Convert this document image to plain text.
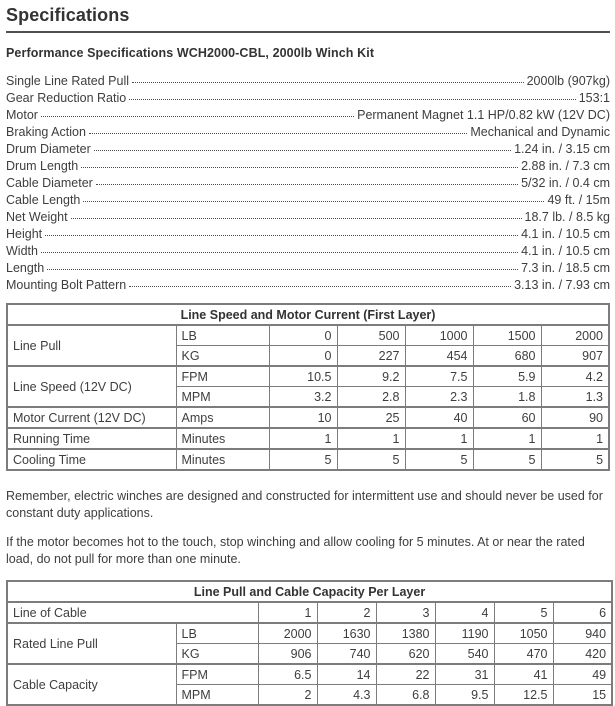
Specifications
Performance Specifications WCH2000-CBL, 2000lb Winch Kit
Single Line Rated Pull	2000lb (907kg)
Gear Reduction Ratio	153:1
Motor	Permanent Magnet 1.1 HP/0.82 kW (12V DC)
Braking Action	Mechanical and Dynamic
Drum Diameter	1.24 in. / 3.15 cm
Drum Length	2.88 in. / 7.3 cm
Cable Diameter	5/32 in. / 0.4 cm
Cable Length	49 ft. / 15m
Net Weight	18.7 lb. / 8.5 kg
Height	4.1 in. / 10.5 cm
Width	4.1 in. / 10.5 cm
Length	7.3 in. / 18.5 cm
Mounting Bolt Pattern	3.13 in. / 7.93 cm
Line Speed and Motor Current (First Layer)						
Line Pull	LB	0	500	1000	1500	2000
	KG	0	227	454	680	907
Line Speed (12V DC)	FPM	10.5	9.2	7.5	5.9	4.2
	MPM	3.2	2.8	2.3	1.8	1.3
Motor Current (12V DC)	Amps	10	25	40	60	90
Running Time	Minutes	1	1	1	1	1
Cooling Time	Minutes	5	5	5	5	5

Remember, electric winches are designed and constructed for intermittent use and should never be used for constant duty applications.

If the motor becomes hot to the touch, stop winching and allow cooling for 5 minutes. At or near the rated load, do not pull for more than one minute.

Line Pull and Cable Capacity Per Layer							
Line of Cable		1	2	3	4	5	6
Rated Line Pull	LB	2000	1630	1380	1190	1050	940
	KG	906	740	620	540	470	420
Cable Capacity	FPM	6.5	14	22	31	41	49
	MPM	2	4.3	6.8	9.5	12.5	15
